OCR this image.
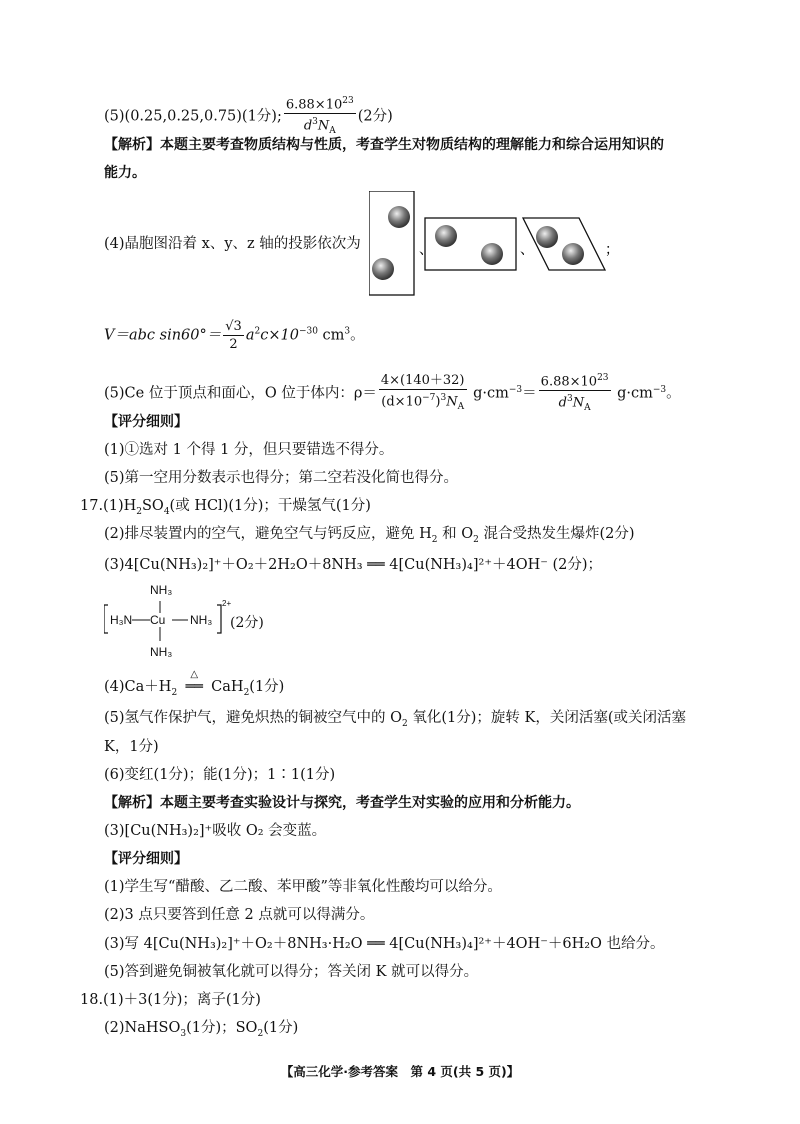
(5)(0.25,0.25,0.75)(1分); $\frac{6.88\times 10^{23}}{d^3N_A} (2$分)
【解析】本题主要考查物质结构与性质，考查学生对物质结构的理解能力和综合运用知识的
能力。
(4)晶胞图沿着 x、y、z 轴的投影依次为	、	、	；
V＝abc $\sin 60^\circ= \frac{√3}{2} a^2c\times 10^{-30}$ $cm^3$。
(5)Ce 位于顶点和面心，O 位于体内：$\rho= \frac{4\times(140+32)}{(d\times 10^{-7})^3N_A} g\cdot cm^{-3}= \frac{6.88\times 10^{23}}{d^3N_A} g\cdot cm^{-3}$。
【评分细则】
(1)①选对 1 个得 1 分，但只要错选不得分。
(5)第一空用分数表示也得分；第二空若没化简也得分。
$17.(1)H_2SO_4$(或 HCl)(1分)；干燥氢气(1分)
(2)排尽装置内的空气，避免空气与钙反应，避免 $H_2$ 和 $O_2$ 混合受热发生爆炸(2分)
(3)4[Cu(NH₃)₂]⁺＋O₂＋2H₂O＋8NH₃ ══ 4[Cu(NH₃)₄]²⁺＋4OH⁻ (2分)；
NH₃
H₃N Cu NH₃
NH₃
2+
(2分)
$(4)Ca+H_2$
△
══ CaH$_2$(1分)
(5)氢气作保护气，避免炽热的铜被空气中的 $O_2$ 氧化(1分)；旋转 K，关闭活塞(或关闭活塞
K，1分)
(6)变红(1分)；能(1分)；1∶1(1分)
【解析】本题主要考查实验设计与探究，考查学生对实验的应用和分析能力。
(3)[Cu(NH₃)₂]⁺吸收 O₂ 会变蓝。
【评分细则】
(1)学生写“醋酸、乙二酸、苯甲酸”等非氧化性酸均可以给分。
(2)3 点只要答到任意 2 点就可以得满分。
(3)写 4[Cu(NH₃)₂]⁺＋O₂＋8NH₃·H₂O ══ 4[Cu(NH₃)₄]²⁺＋4OH⁻＋6H₂O 也给分。
(5)答到避免铜被氧化就可以得分；答关闭 K 就可以得分。
18.(1)＋3(1分)；离子(1分)
(2)NaHSO$_3$(1分)；$SO_2(1$分)
【高三化学·参考答案　第 4 页(共 5 页)】
